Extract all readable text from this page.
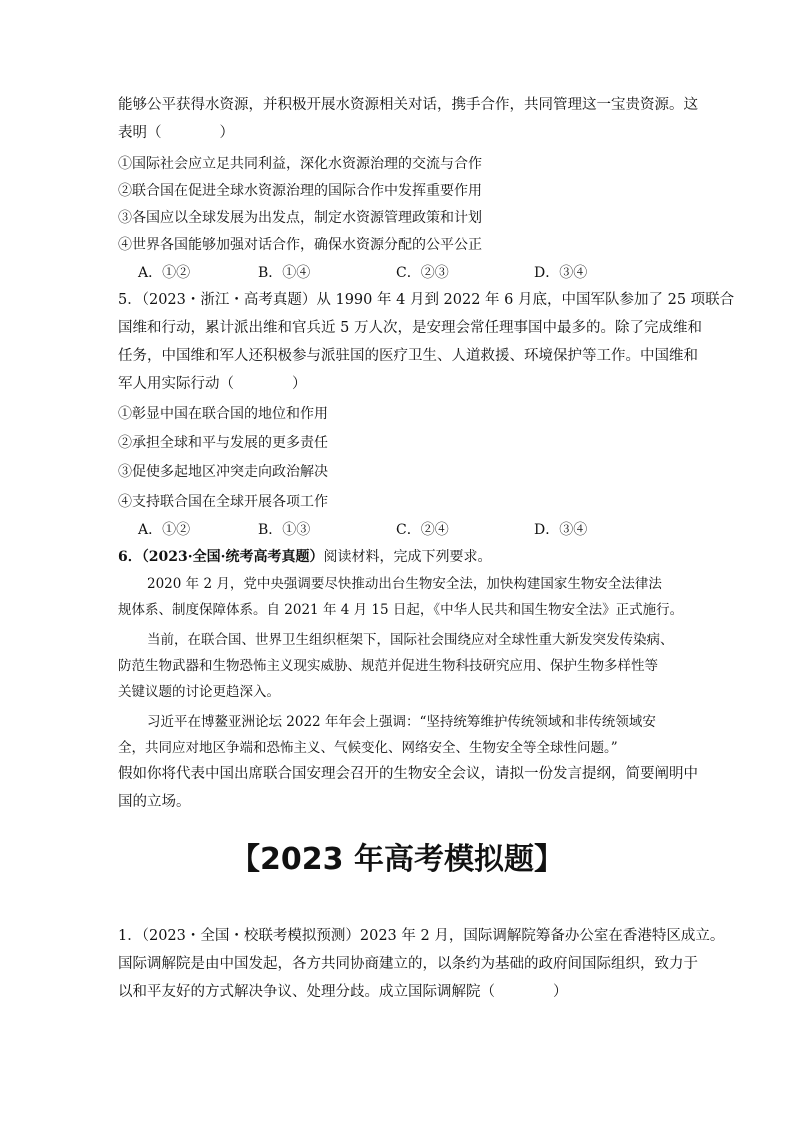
能够公平获得水资源，并积极开展水资源相关对话，携手合作，共同管理这一宝贵资源。这
表明（　　　　）
①国际社会应立足共同利益，深化水资源治理的交流与合作
②联合国在促进全球水资源治理的国际合作中发挥重要作用
③各国应以全球发展为出发点，制定水资源管理政策和计划
④世界各国能够加强对话合作，确保水资源分配的公平公正
A．①②	B．①④	C．②③	D．③④
5．（2023・浙江・高考真题）从 1990 年 4 月到 2022 年 6 月底，中国军队参加了 25 项联合
国维和行动，累计派出维和官兵近 5 万人次，是安理会常任理事国中最多的。除了完成维和
任务，中国维和军人还积极参与派驻国的医疗卫生、人道救援、环境保护等工作。中国维和
军人用实际行动（　　　　）
①彰显中国在联合国的地位和作用
②承担全球和平与发展的更多责任
③促使多起地区冲突走向政治解决
④支持联合国在全球开展各项工作
A．①②	B．①③	C．②④	D．③④
6．（2023·全国·统考高考真题）阅读材料，完成下列要求。
2020 年 2 月，党中央强调要尽快推动出台生物安全法，加快构建国家生物安全法律法
规体系、制度保障体系。自 2021 年 4 月 15 日起，《中华人民共和国生物安全法》正式施行。
当前，在联合国、世界卫生组织框架下，国际社会围绕应对全球性重大新发突发传染病、
防范生物武器和生物恐怖主义现实威胁、规范并促进生物科技研究应用、保护生物多样性等
关键议题的讨论更趋深入。
习近平在博鳌亚洲论坛 2022 年年会上强调：“坚持统筹维护传统领域和非传统领域安
全，共同应对地区争端和恐怖主义、气候变化、网络安全、生物安全等全球性问题。”
假如你将代表中国出席联合国安理会召开的生物安全会议，请拟一份发言提纲，简要阐明中
国的立场。
【2023 年高考模拟题】
1．（2023・全国・校联考模拟预测）2023 年 2 月，国际调解院筹备办公室在香港特区成立。
国际调解院是由中国发起，各方共同协商建立的，以条约为基础的政府间国际组织，致力于
以和平友好的方式解决争议、处理分歧。成立国际调解院（　　　　）
